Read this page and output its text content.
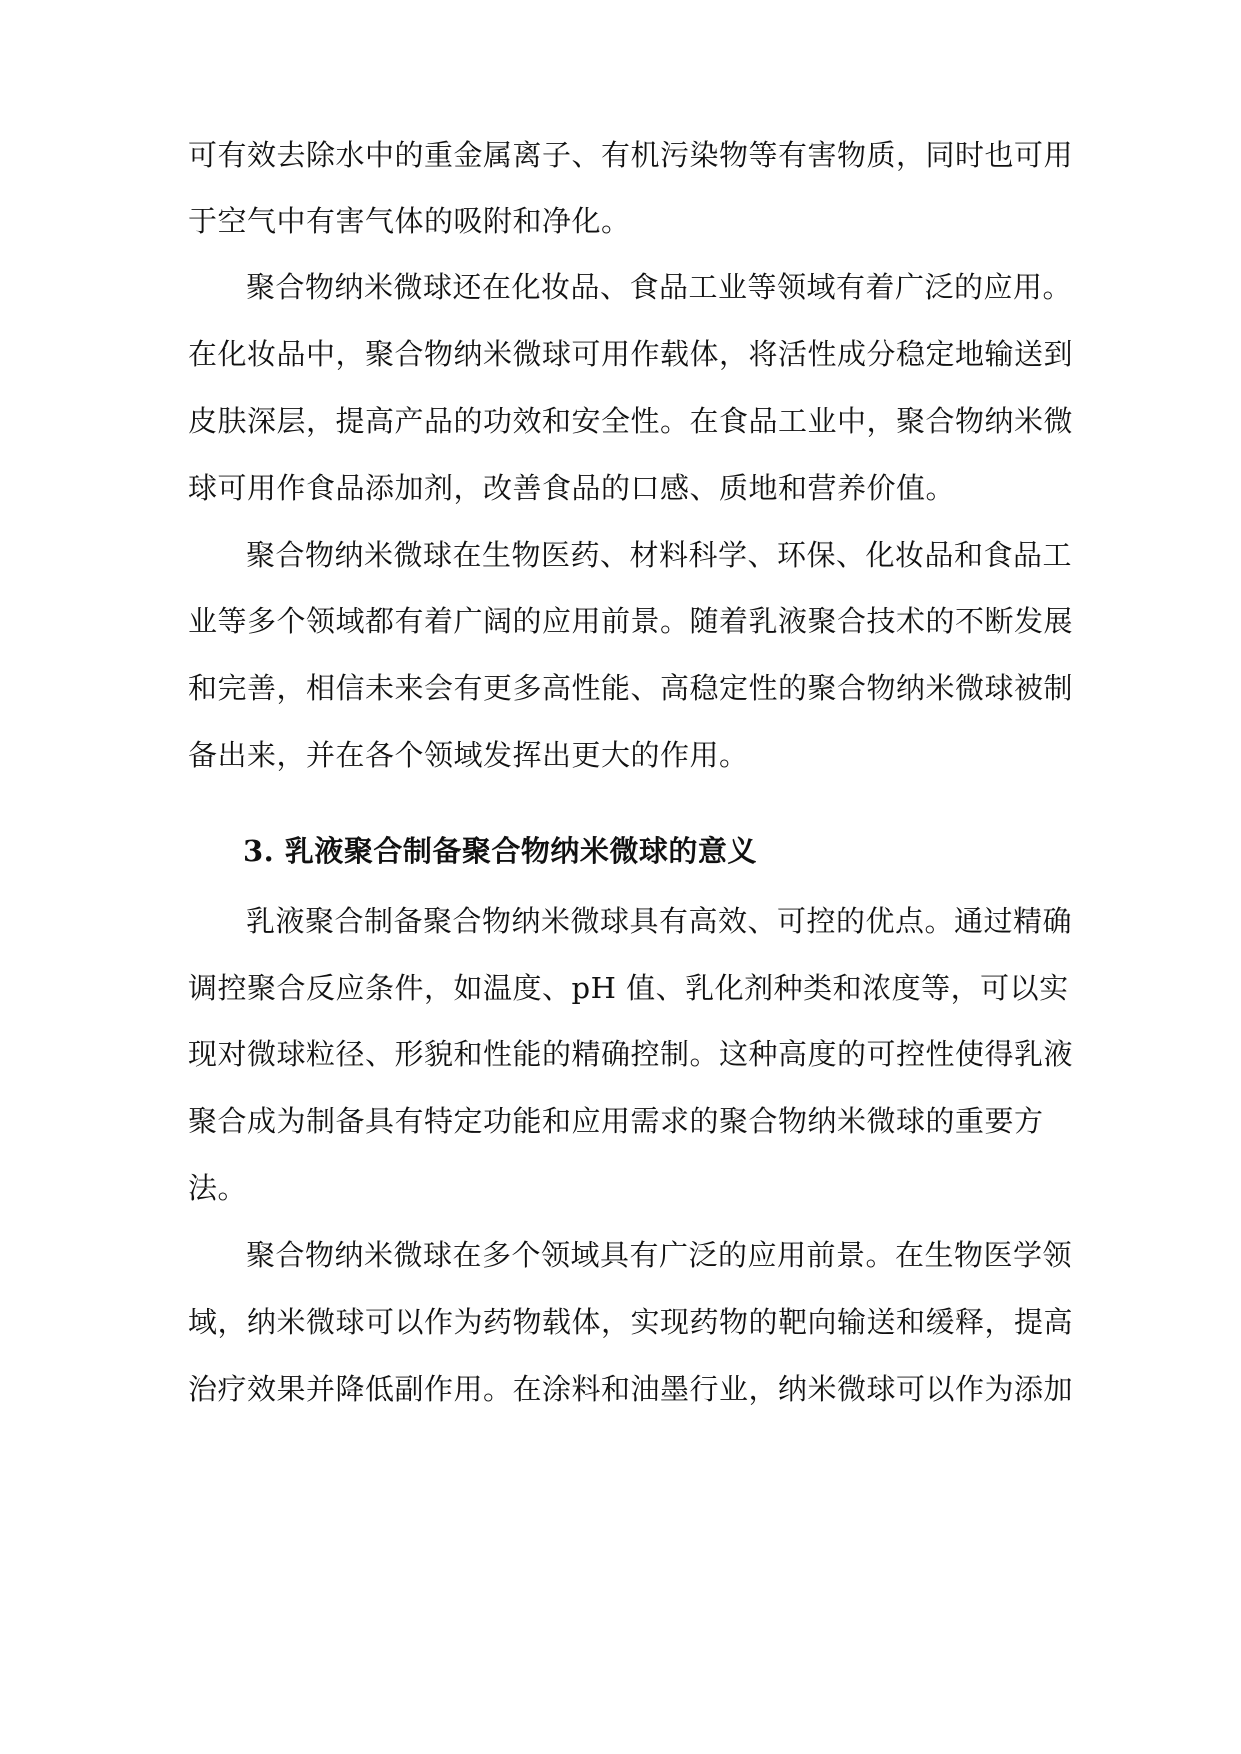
可有效去除水中的重金属离子、有机污染物等有害物质，同时也可用
于空气中有害气体的吸附和净化。
聚合物纳米微球还在化妆品、食品工业等领域有着广泛的应用。
在化妆品中，聚合物纳米微球可用作载体，将活性成分稳定地输送到
皮肤深层，提高产品的功效和安全性。在食品工业中，聚合物纳米微
球可用作食品添加剂，改善食品的口感、质地和营养价值。
聚合物纳米微球在生物医药、材料科学、环保、化妆品和食品工
业等多个领域都有着广阔的应用前景。随着乳液聚合技术的不断发展
和完善，相信未来会有更多高性能、高稳定性的聚合物纳米微球被制
备出来，并在各个领域发挥出更大的作用。
3. 乳液聚合制备聚合物纳米微球的意义
乳液聚合制备聚合物纳米微球具有高效、可控的优点。通过精确
调控聚合反应条件，如温度、pH 值、乳化剂种类和浓度等，可以实
现对微球粒径、形貌和性能的精确控制。这种高度的可控性使得乳液
聚合成为制备具有特定功能和应用需求的聚合物纳米微球的重要方
法。
聚合物纳米微球在多个领域具有广泛的应用前景。在生物医学领
域，纳米微球可以作为药物载体，实现药物的靶向输送和缓释，提高
治疗效果并降低副作用。在涂料和油墨行业，纳米微球可以作为添加
